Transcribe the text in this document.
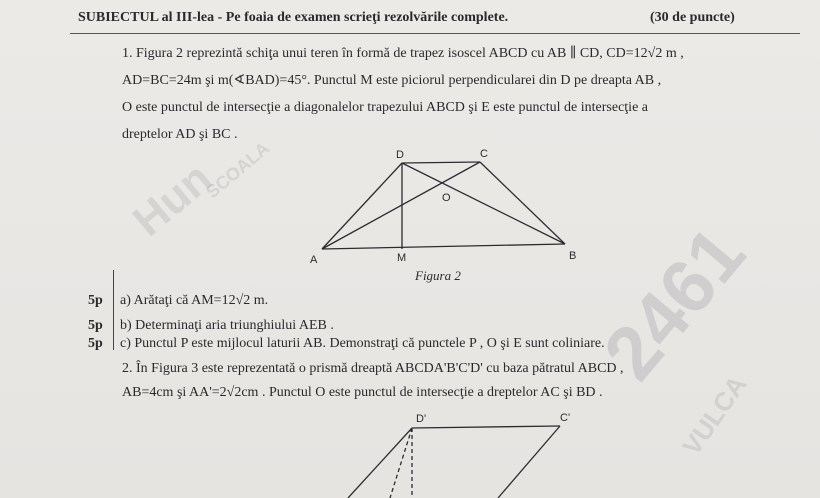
Hun
SCOALA
2461
VULCA
SUBIECTUL al III-lea - Pe foaia de examen scrieţi rezolvările complete.	(30 de puncte)
1. Figura 2 reprezintă schiţa unui teren în formă de trapez isoscel ABCD cu AB ∥ CD, CD=12√2 m ,
AD=BC=24m şi m(∢BAD)=45°. Punctul M este piciorul perpendicularei din D pe dreapta AB ,
O este punctul de intersecţie a diagonalelor trapezului ABCD şi E este punctul de intersecţie a
dreptelor AD şi BC .
A	B
C
D
M
O
Figura 2
5p a) Arătaţi că AM=12√2 m.
5p b) Determinaţi aria triunghiului AEB .
5p c) Punctul P este mijlocul laturii AB. Demonstraţi că punctele P , O şi E sunt coliniare.
2. În Figura 3 este reprezentată o prismă dreaptă ABCDA'B'C'D' cu baza pătratul ABCD ,
AB=4cm şi AA'=2√2cm . Punctul O este punctul de intersecţie a dreptelor AC şi BD .
D'	C'
